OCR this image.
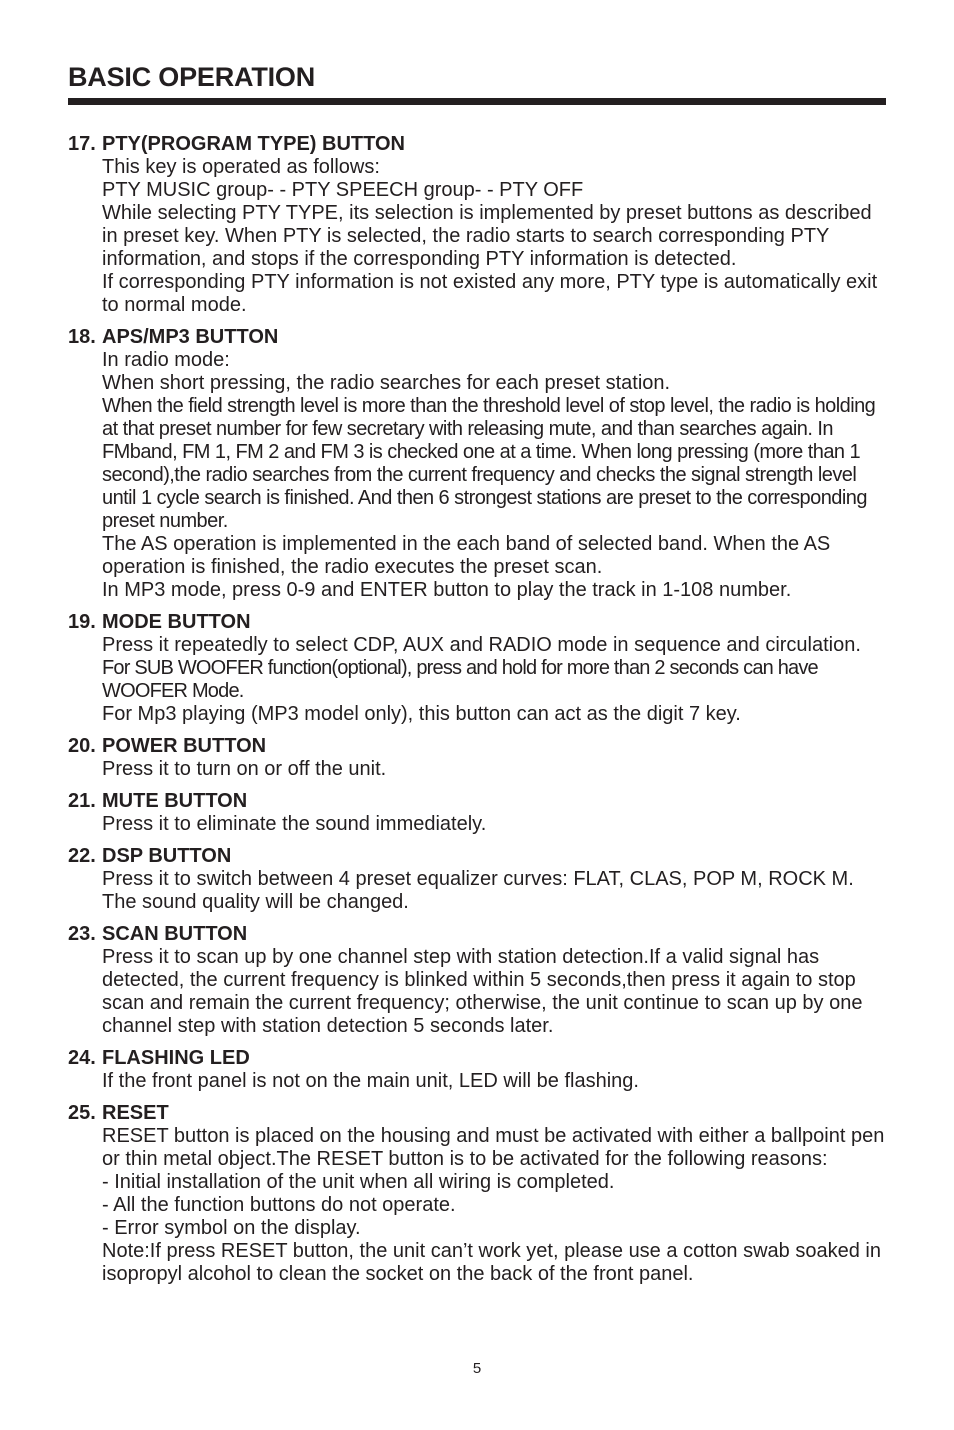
BASIC OPERATION
17. PTY(PROGRAM TYPE) BUTTON

This key is operated as follows:

PTY MUSIC group- - PTY SPEECH group- - PTY OFF

While selecting PTY TYPE, its selection is implemented by preset buttons as described in preset key. When PTY is selected, the radio starts to search corresponding PTY information, and stops if the corresponding PTY information is detected.

If corresponding PTY information is not existed any more, PTY type is automatically exit to normal mode.

18. APS/MP3 BUTTON

In radio mode:

When short pressing, the radio searches for each preset station.

When the field strength level is more than the threshold level of stop level, the radio is holding at that preset number for few secretary with releasing mute, and than searches again. In FMband, FM 1, FM 2 and FM 3 is checked one at a time. When long pressing (more than 1 second),the radio searches from the current frequency and checks the signal strength level until 1 cycle search is finished. And then 6 strongest stations are preset to the corresponding preset number.

The AS operation is implemented in the each band of selected band. When the AS operation is finished, the radio executes the preset scan.

In MP3 mode, press 0-9 and ENTER button to play the track in 1-108 number.

19. MODE BUTTON

Press it repeatedly to select CDP, AUX and RADIO mode in sequence and circulation.

For SUB WOOFER function(optional), press and hold for more than 2 seconds can have WOOFER Mode.

For Mp3 playing (MP3 model only), this button can act as the digit 7 key.

20. POWER BUTTON

Press it to turn on or off the unit.

21. MUTE BUTTON

Press it to eliminate the sound immediately.

22. DSP BUTTON

Press it to switch between 4 preset equalizer curves: FLAT, CLAS, POP M, ROCK M. The sound quality will be changed.

23. SCAN BUTTON

Press it to scan up by one channel step with station detection.If a valid signal has detected, the current frequency is blinked within 5 seconds,then press it again to stop scan and remain the current frequency; otherwise, the unit continue to scan up by one channel step with station detection 5 seconds later.

24. FLASHING LED

If the front panel is not on the main unit, LED will be flashing.

25. RESET

RESET button is placed on the housing and must be activated with either a ballpoint pen or thin metal object.The RESET button is to be activated for the following reasons:

- Initial installation of the unit when all wiring is completed.

- All the function buttons do not operate.

- Error symbol on the display.

Note:If press RESET button, the unit can’t work yet, please use a cotton swab soaked in isopropyl alcohol to clean the socket on the back of the front panel.

5
